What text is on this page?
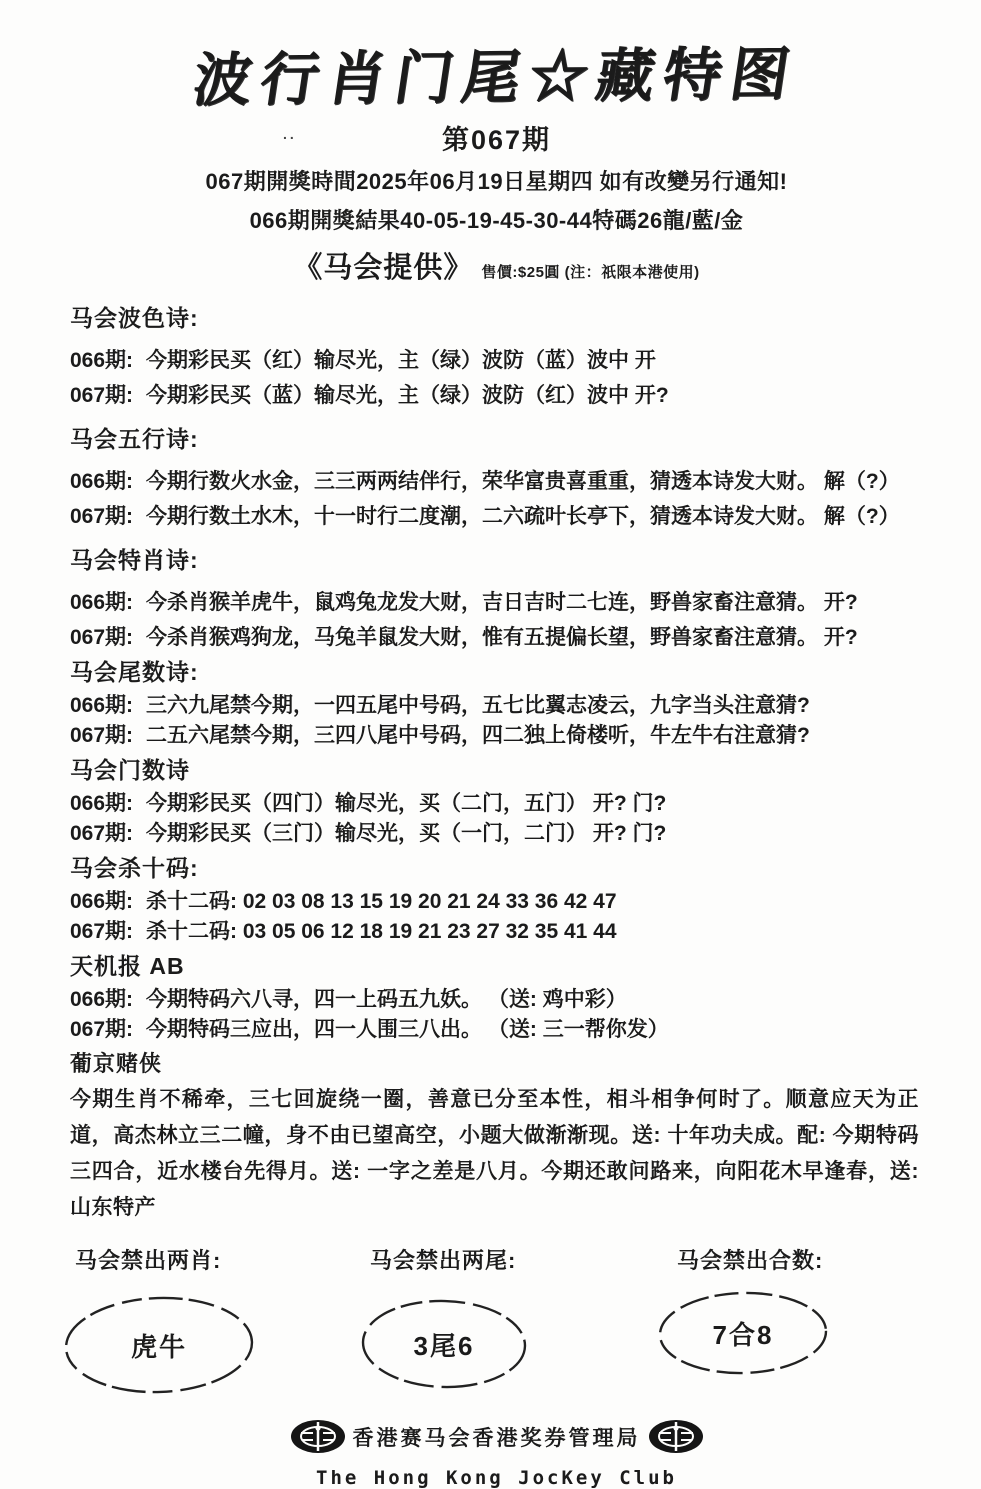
波行肖门尾☆藏特图
第067期
..
067期開獎時間2025年06月19日星期四 如有改變另行通知!
066期開獎結果40-05-19-45-30-44特碼26龍/藍/金
《马会提供》 售價:$25圓 (注：祇限本港使用)
马会波色诗:
066期: 今期彩民买（红）输尽光，主（绿）波防（蓝）波中 开
067期: 今期彩民买（蓝）输尽光，主（绿）波防（红）波中 开?
马会五行诗:
066期: 今期行数火水金，三三两两结伴行，荣华富贵喜重重，猜透本诗发大财。 解（?）
067期: 今期行数土水木，十一时行二度潮，二六疏叶长亭下，猜透本诗发大财。 解（?）
马会特肖诗:
066期: 今杀肖猴羊虎牛，鼠鸡兔龙发大财，吉日吉时二七连，野兽家畜注意猜。 开?
067期: 今杀肖猴鸡狗龙，马兔羊鼠发大财，惟有五提偏长望，野兽家畜注意猜。 开?
马会尾数诗:
066期: 三六九尾禁今期，一四五尾中号码，五七比翼志凌云，九字当头注意猜?
067期: 二五六尾禁今期，三四八尾中号码，四二独上倚楼听，牛左牛右注意猜?
马会门数诗
066期: 今期彩民买（四门）输尽光，买（二门，五门） 开? 门?
067期: 今期彩民买（三门）输尽光，买（一门，二门） 开? 门?
马会杀十码:
066期: 杀十二码: 02 03 08 13 15 19 20 21 24 33 36 42 47
067期: 杀十二码: 03 05 06 12 18 19 21 23 27 32 35 41 44
天机报 AB
066期: 今期特码六八寻，四一上码五九妖。 （送: 鸡中彩）
067期: 今期特码三应出，四一人围三八出。 （送: 三一帮你发）
葡京赌侠
今期生肖不稀牵，三七回旋绕一圈，善意已分至本性，相斗相争何时了。顺意应天为正道，高杰林立三二幢，身不由已望高空，小题大做渐渐现。送: 十年功夫成。配: 今期特码三四合，近水楼台先得月。送: 一字之差是八月。今期还敢问路来，向阳花木早逢春，送: 山东特产
马会禁出两肖:	马会禁出两尾:	马会禁出合数:
虎牛	3尾6	7合8
香港赛马会香港奖券管理局
The Hong Kong JocKey Club
